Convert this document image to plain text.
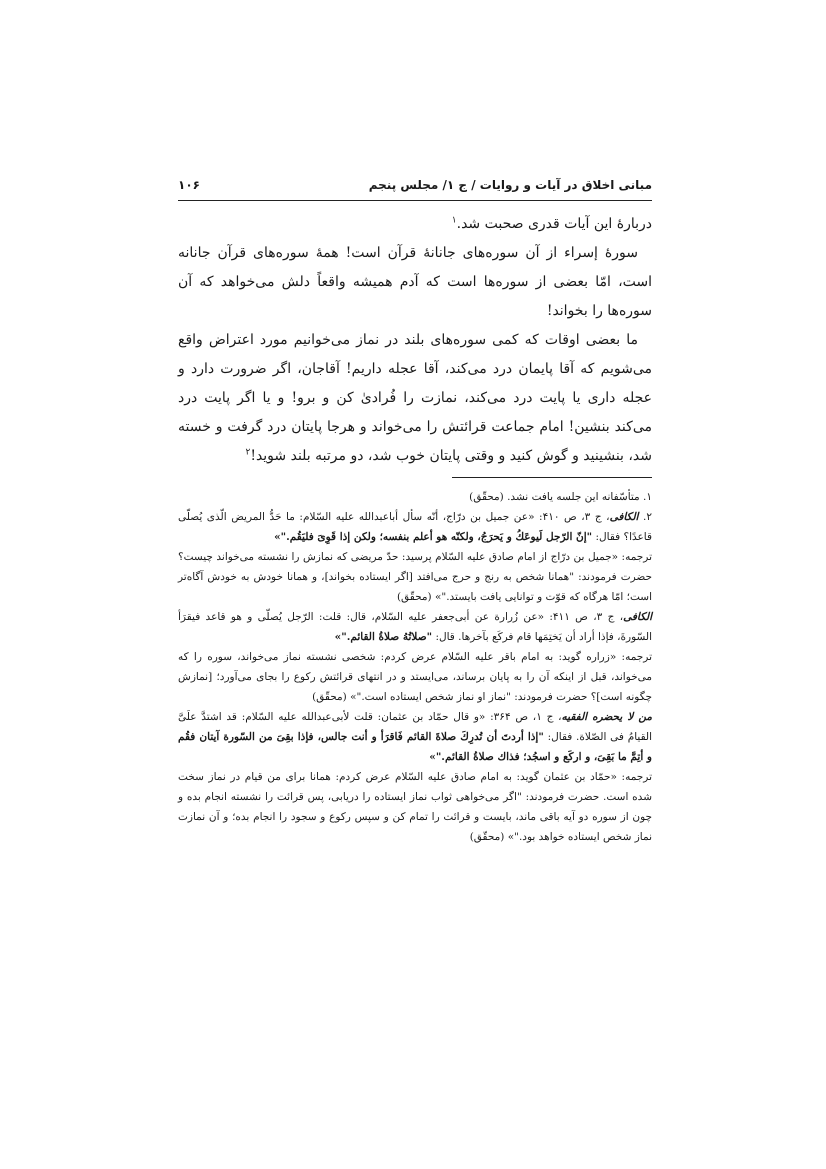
مبانی اخلاق در آیات و روایات / ج ۱/ مجلس پنجم
۱۰۶

دربارۀ این آیات قدری صحبت شد.$^۱$

سورۀ إسراء از آن سوره‌های جانانۀ قرآن است! همۀ سوره‌های قرآن جانانه است، امّا بعضی از سوره‌ها است که آدم همیشه واقعاً دلش می‌خواهد که آن سوره‌ها را بخواند!

ما بعضی اوقات که کمی سوره‌های بلند در نماز می‌خوانیم مورد اعتراض واقع می‌شویم که آقا پایمان درد می‌کند، آقا عجله داریم! آقاجان، اگر ضرورت دارد و عجله داری یا پایت درد می‌کند، نمازت را فُرادیٰ کن و برو! و یا اگر پایت درد می‌کند بنشین! امام جماعت قرائتش را می‌خواند و هرجا پایتان درد گرفت و خسته شد، بنشینید و گوش کنید و وقتی پایتان خوب شد، دو مرتبه بلند شوید!$^۲$

۱. متأسّفانه این جلسه یافت نشد. (محقّق)

۲. الکافی، ج ۳، ص ۴۱۰: «عن جميل بن درّاج، أنّه سأل أباعبدالله عليه السّلام: ما حَدُّ المريض الّذی يُصلّی قاعدًا؟ فقال: "إنّ الرّجل لَيوعَكُ و يَحرَجُ، ولكنّه هو أعلم بنفسه؛ ولكن إذا قَوِیَ فليَقُم."»

ترجمه: «جمیل بن درّاج از امام صادق علیه السّلام پرسید: حدّ مریضی که نمازش را نشسته می‌خواند چیست؟ حضرت فرمودند: "همانا شخص به رنج و حرج می‌افتد [اگر ایستاده بخواند]، و همانا خودش به خودش آگاه‌تر است؛ امّا هرگاه که قوّت و توانایی یافت بایستد."» (محقّق)

الکافی، ج ۳، ص ۴۱۱: «عن زُرارة عن أبی‌جعفر عليه السّلام، قال: قلت: الرّجل يُصلّی و هو قاعد فيقرَأ السّورةَ، فإذا أراد أن يَختِمَها قام فركَع بآخرها. قال: "صلاتُهُ صلاةُ القائم."»

ترجمه: «زراره گوید: به امام باقر علیه السّلام عرض کردم: شخصی نشسته نماز می‌خواند، سوره را که می‌خواند، قبل از اینکه آن را به پایان برساند، می‌ایستد و در انتهای قرائتش رکوع را بجای می‌آورد؛ [نمازش چگونه است]؟ حضرت فرمودند: "نماز او نماز شخص ایستاده است."» (محقّق)

من لا يحضره الفقيه، ج ۱، ص ۳۶۴: «و قال حمّاد بن عثمان: قلت لأبی‌عبدالله عليه السّلام: قد اشتدَّ علَیَّ القيامُ فی الصّلاة. فقال: "إذا أردتَ أن تُدرِكَ صلاةَ القائم فَاقرَأ و أنت جالس، فإذا بقِیَ من السّورة آيتان فقُم و أتِمَّ ما بَقِیَ، و اركَع و اسجُد؛ فذاك صلاةُ القائم."»

ترجمه: «حمّاد بن عثمان گوید: به امام صادق علیه السّلام عرض کردم: همانا برای من قیام در نماز سخت شده است. حضرت فرمودند: "اگر می‌خواهی ثواب نماز ایستاده را دریابی، پس قرائت را نشسته انجام بده و چون از سوره دو آیه باقی ماند، بایست و قرائت را تمام کن و سپس رکوع و سجود را انجام بده؛ و آن نمازت نماز شخص ایستاده خواهد بود."» (محقّق)
